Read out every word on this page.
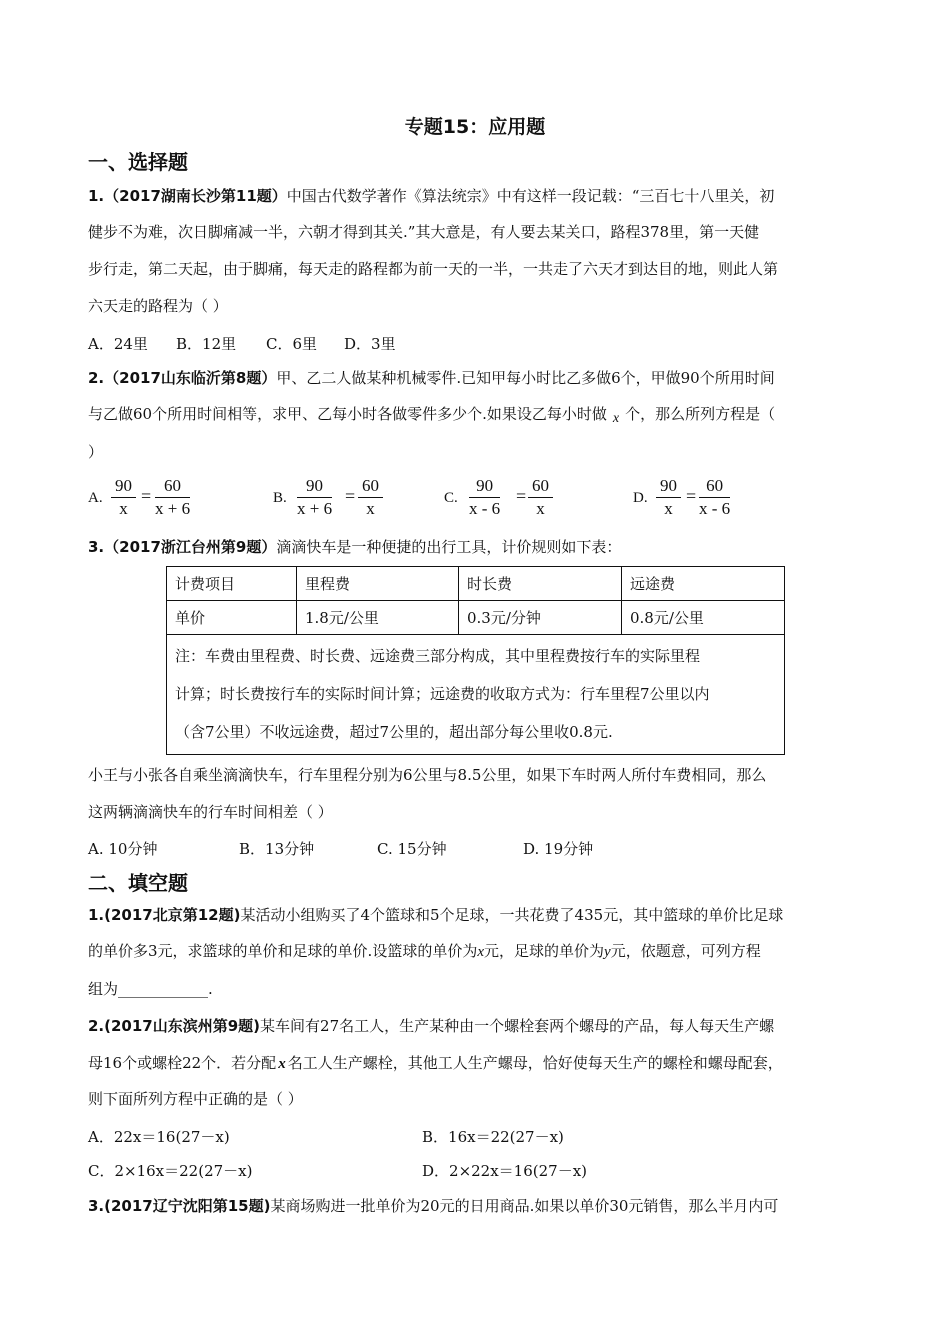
专题15：应用题
一、选择题
1.（2017湖南长沙第11题）中国古代数学著作《算法统宗》中有这样一段记载：“三百七十八里关，初
健步不为难，次日脚痛减一半，六朝才得到其关.”其大意是，有人要去某关口，路程378里，第一天健
步行走，第二天起，由于脚痛，每天走的路程都为前一天的一半，一共走了六天才到达目的地，则此人第
六天走的路程为（ ）
A．24里 B．12里 C．6里 D．3里
2.（2017山东临沂第8题）甲、乙二人做某种机械零件.已知甲每小时比乙多做6个，甲做90个所用时间
与乙做60个所用时间相等，求甲、乙每小时各做零件多少个.如果设乙每小时做 x 个，那么所列方程是（
）
A. $\frac{90}{x} = \frac{60}{x + 6}$	B. $\frac{90}{x + 6} = \frac{60}{x}$	C. $\frac{90}{x - 6} = \frac{60}{x}$	D. $\frac{90}{x} = \frac{60}{x - 6}$
3.（2017浙江台州第9题）滴滴快车是一种便捷的出行工具，计价规则如下表：
计费项目	里程费	时长费	远途费
单价	1.8元/公里	0.3元/分钟	0.8元/公里

注：车费由里程费、时长费、远途费三部分构成，其中里程费按行车的实际里程
计算；时长费按行车的实际时间计算；远途费的收取方式为：行车里程7公里以内
（含7公里）不收远途费，超过7公里的，超出部分每公里收0.8元.			
小王与小张各自乘坐滴滴快车，行车里程分别为6公里与8.5公里，如果下车时两人所付车费相同，那么
这两辆滴滴快车的行车时间相差（ ）
A. 10分钟	B．13分钟	C. 15分钟	D. 19分钟
二、填空题
1.(2017北京第12题)某活动小组购买了4个篮球和5个足球，一共花费了435元，其中篮球的单价比足球
的单价多3元，求篮球的单价和足球的单价.设篮球的单价为x元，足球的单价为y元，依题意，可列方程
组为____________.
2.(2017山东滨州第9题)某车间有27名工人，生产某种由一个螺栓套两个螺母的产品，每人每天生产螺
母16个或螺栓22个．若分配 x 名工人生产螺栓，其他工人生产螺母，恰好使每天生产的螺栓和螺母配套，
则下面所列方程中正确的是（ ）
A．22x＝16(27－x)	B．16x＝22(27－x)
C．2×16x＝22(27－x)	D．2×22x＝16(27－x)
3.(2017辽宁沈阳第15题)某商场购进一批单价为20元的日用商品.如果以单价30元销售，那么半月内可
